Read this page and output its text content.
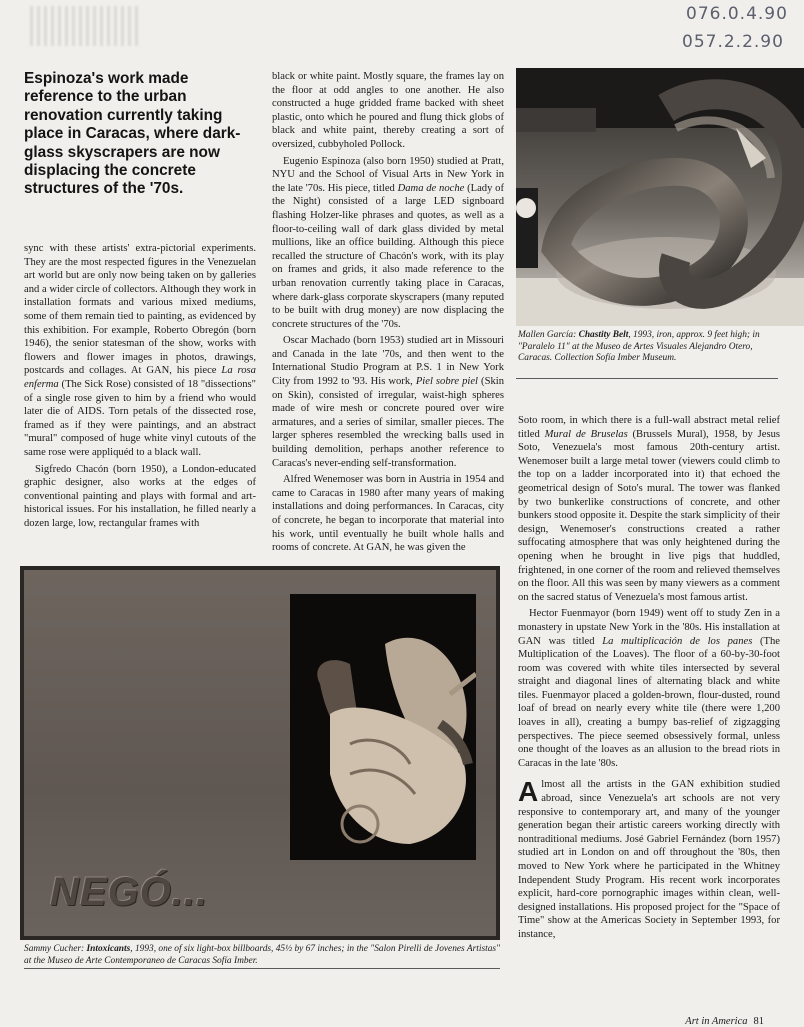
076.0.4.90
057.2.2.90
Espinoza's work made reference to the urban renovation currently taking place in Caracas, where dark-glass skyscrapers are now displacing the concrete structures of the '70s.

sync with these artists' extra-pictorial experiments. They are the most respected figures in the Venezuelan art world but are only now being taken on by galleries and a wider circle of collectors. Although they work in installation formats and various mixed mediums, some of them remain tied to painting, as evidenced by this exhibition. For example, Roberto Obregón (born 1946), the senior statesman of the show, works with flowers and flower images in photos, drawings, postcards and collages. At GAN, his piece La rosa enferma (The Sick Rose) consisted of 18 "dissections" of a single rose given to him by a friend who would later die of AIDS. Torn petals of the dissected rose, framed as if they were paintings, and an abstract "mural" composed of huge white vinyl cutouts of the same rose were appliquéd to a black wall.

Sigfredo Chacón (born 1950), a London-educated graphic designer, also works at the edges of conventional painting and plays with formal and art-historical issues. For his installation, he filled nearly a dozen large, low, rectangular frames with

black or white paint. Mostly square, the frames lay on the floor at odd angles to one another. He also constructed a huge gridded frame backed with sheet plastic, onto which he poured and flung thick globs of black and white paint, thereby creating a sort of oversized, cubbyholed Pollock.

Eugenio Espinoza (also born 1950) studied at Pratt, NYU and the School of Visual Arts in New York in the late '70s. His piece, titled Dama de noche (Lady of the Night) consisted of a large LED signboard flashing Holzer-like phrases and quotes, as well as a floor-to-ceiling wall of dark glass divided by metal mullions, like an office building. Although this piece recalled the structure of Chacón's work, with its play on frames and grids, it also made reference to the urban renovation currently taking place in Caracas, where dark-glass corporate skyscrapers (many reputed to be built with drug money) are now displacing the concrete structures of the '70s.

Oscar Machado (born 1953) studied art in Missouri and Canada in the late '70s, and then went to the International Studio Program at P.S. 1 in New York City from 1992 to '93. His work, Piel sobre piel (Skin on Skin), consisted of irregular, waist-high spheres made of wire mesh or concrete poured over wire armatures, and a series of similar, smaller pieces. The larger spheres resembled the wrecking balls used in building demolition, perhaps another reference to Caracas's never-ending self-transformation.

Alfred Wenemoser was born in Austria in 1954 and came to Caracas in 1980 after many years of making installations and doing performances. In Caracas, city of concrete, he began to incorporate that material into his work, until eventually he built whole halls and rooms of concrete. At GAN, he was given the

Mallen García: Chastity Belt, 1993, iron, approx. 9 feet high; in "Paralelo 11" at the Museo de Artes Visuales Alejandro Otero, Caracas. Collection Sofía Imber Museum.

Soto room, in which there is a full-wall abstract metal relief titled Mural de Bruselas (Brussels Mural), 1958, by Jesus Soto, Venezuela's most famous 20th-century artist. Wenemoser built a large metal tower (viewers could climb to the top on a ladder incorporated into it) that echoed the geometrical design of Soto's mural. The tower was flanked by two bunkerlike constructions of concrete, and other bunkers stood opposite it. Despite the stark simplicity of their design, Wenemoser's constructions created a rather suffocating atmosphere that was only heightened during the opening when he brought in live pigs that huddled, frightened, in one corner of the room and relieved themselves on the floor. All this was seen by many viewers as a comment on the sacred status of Venezuela's most famous artist.

Hector Fuenmayor (born 1949) went off to study Zen in a monastery in upstate New York in the '80s. His installation at GAN was titled La multiplicación de los panes (The Multiplication of the Loaves). The floor of a 60-by-30-foot room was covered with white tiles intersected by several straight and diagonal lines of alternating black and white tiles. Fuenmayor placed a golden-brown, flour-dusted, round loaf of bread on nearly every white tile (there were 1,200 loaves in all), creating a bumpy bas-relief of zigzagging perspectives. The piece seemed obsessively formal, unless one thought of the loaves as an allusion to the bread riots in Caracas in the late '80s.

Almost all the artists in the GAN exhibition studied abroad, since Venezuela's art schools are not very responsive to contemporary art, and many of the younger generation began their artistic careers working directly with nontraditional mediums. José Gabriel Fernández (born 1957) studied art in London on and off throughout the '80s, then moved to New York where he participated in the Whitney Independent Study Program. His recent work incorporates explicit, hard-core pornographic images within clean, well-designed installations. His proposed project for the "Space of Time" show at the Americas Society in September 1993, for instance,

NEGÓ...
Sammy Cucher: Intoxicants, 1993, one of six light-box billboards, 45½ by 67 inches; in the "Salon Pirelli de Jovenes Artistas" at the Museo de Arte Contemporaneo de Caracas Sofía Imber.
Art in America 81
